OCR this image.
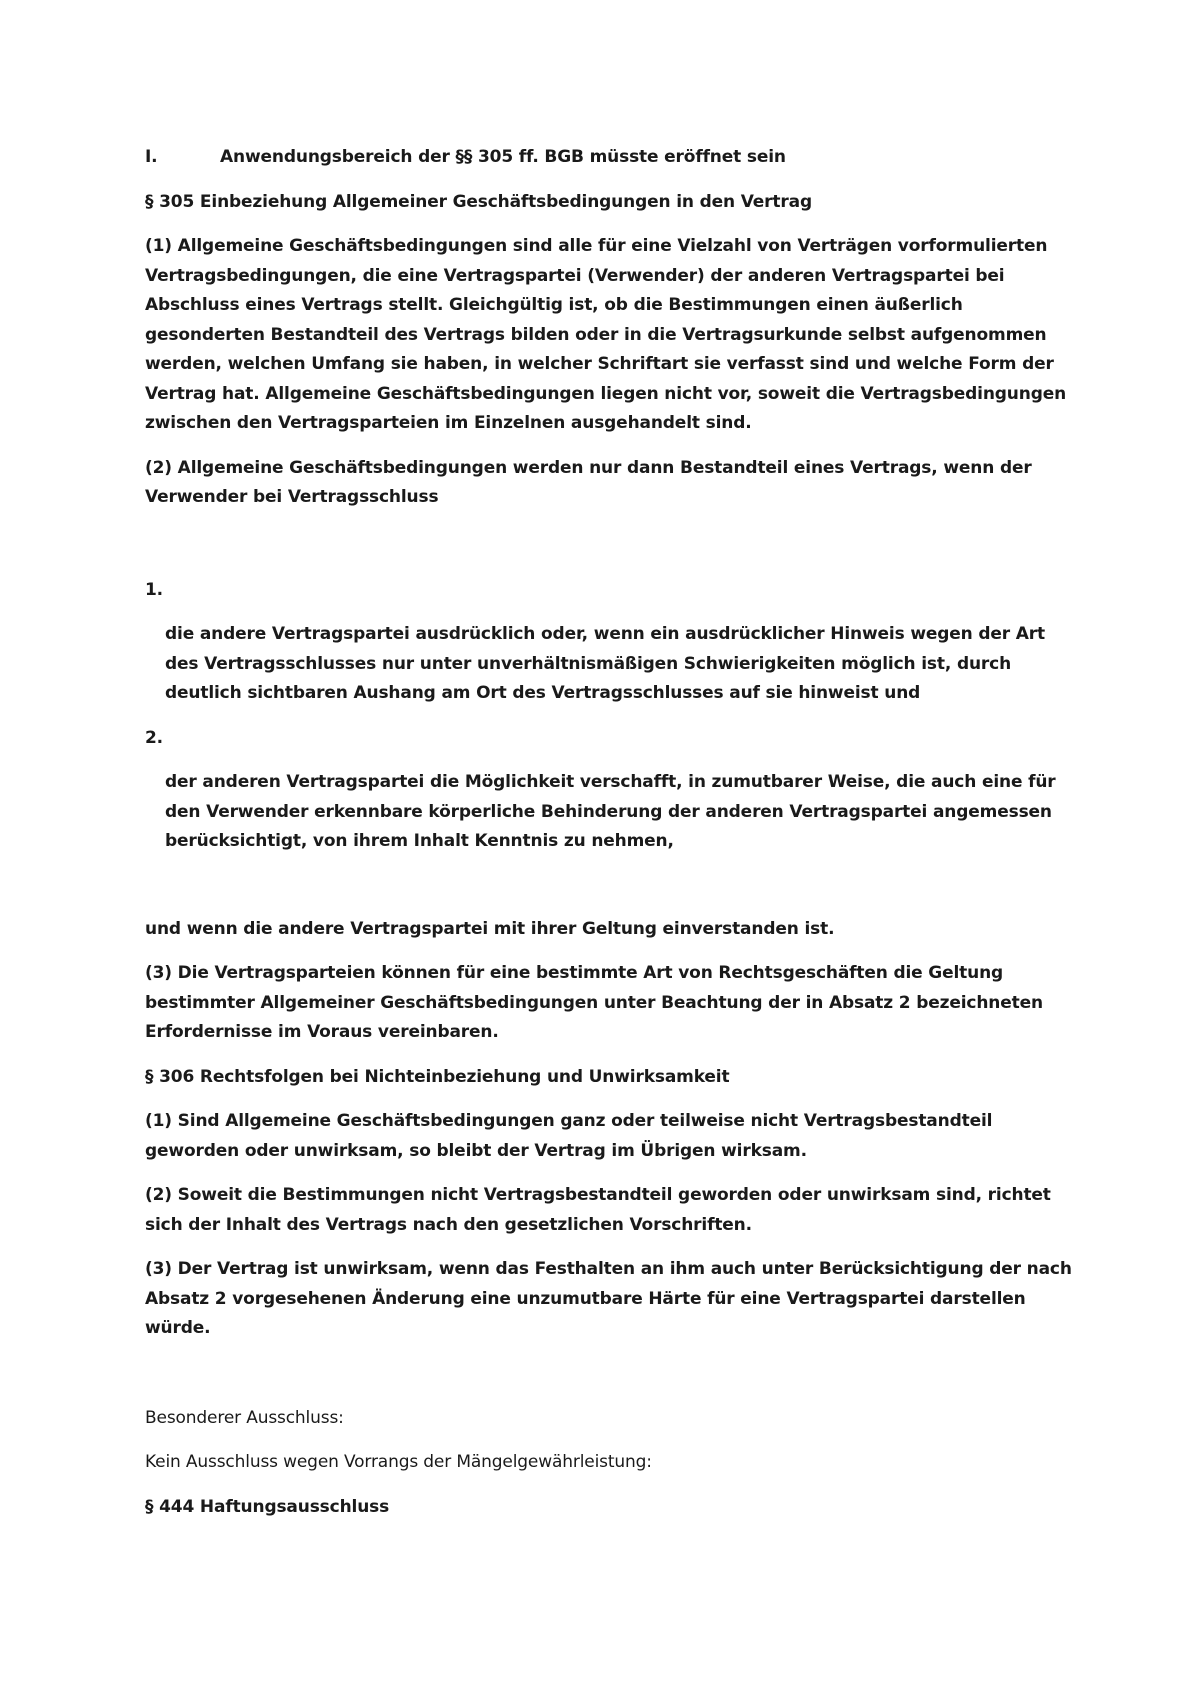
I.	Anwendungsbereich der §§ 305 ff. BGB müsste eröffnet sein

§ 305 Einbeziehung Allgemeiner Geschäftsbedingungen in den Vertrag

(1) Allgemeine Geschäftsbedingungen sind alle für eine Vielzahl von Verträgen vorformulierten Vertragsbedingungen, die eine Vertragspartei (Verwender) der anderen Vertragspartei bei Abschluss eines Vertrags stellt. Gleichgültig ist, ob die Bestimmungen einen äußerlich gesonderten Bestandteil des Vertrags bilden oder in die Vertragsurkunde selbst aufgenommen werden, welchen Umfang sie haben, in welcher Schriftart sie verfasst sind und welche Form der Vertrag hat. Allgemeine Geschäftsbedingungen liegen nicht vor, soweit die Vertragsbedingungen zwischen den Vertragsparteien im Einzelnen ausgehandelt sind.

(2) Allgemeine Geschäftsbedingungen werden nur dann Bestandteil eines Vertrags, wenn der Verwender bei Vertragsschluss

1.

die andere Vertragspartei ausdrücklich oder, wenn ein ausdrücklicher Hinweis wegen der Art des Vertragsschlusses nur unter unverhältnismäßigen Schwierigkeiten möglich ist, durch deutlich sichtbaren Aushang am Ort des Vertragsschlusses auf sie hinweist und

2.

der anderen Vertragspartei die Möglichkeit verschafft, in zumutbarer Weise, die auch eine für den Verwender erkennbare körperliche Behinderung der anderen Vertragspartei angemessen berücksichtigt, von ihrem Inhalt Kenntnis zu nehmen,

und wenn die andere Vertragspartei mit ihrer Geltung einverstanden ist.

(3) Die Vertragsparteien können für eine bestimmte Art von Rechtsgeschäften die Geltung bestimmter Allgemeiner Geschäftsbedingungen unter Beachtung der in Absatz 2 bezeichneten Erfordernisse im Voraus vereinbaren.

§ 306 Rechtsfolgen bei Nichteinbeziehung und Unwirksamkeit

(1) Sind Allgemeine Geschäftsbedingungen ganz oder teilweise nicht Vertragsbestandteil geworden oder unwirksam, so bleibt der Vertrag im Übrigen wirksam.

(2) Soweit die Bestimmungen nicht Vertragsbestandteil geworden oder unwirksam sind, richtet sich der Inhalt des Vertrags nach den gesetzlichen Vorschriften.

(3) Der Vertrag ist unwirksam, wenn das Festhalten an ihm auch unter Berücksichtigung der nach Absatz 2 vorgesehenen Änderung eine unzumutbare Härte für eine Vertragspartei darstellen würde.

Besonderer Ausschluss:

Kein Ausschluss wegen Vorrangs der Mängelgewährleistung:

§ 444 Haftungsausschluss
